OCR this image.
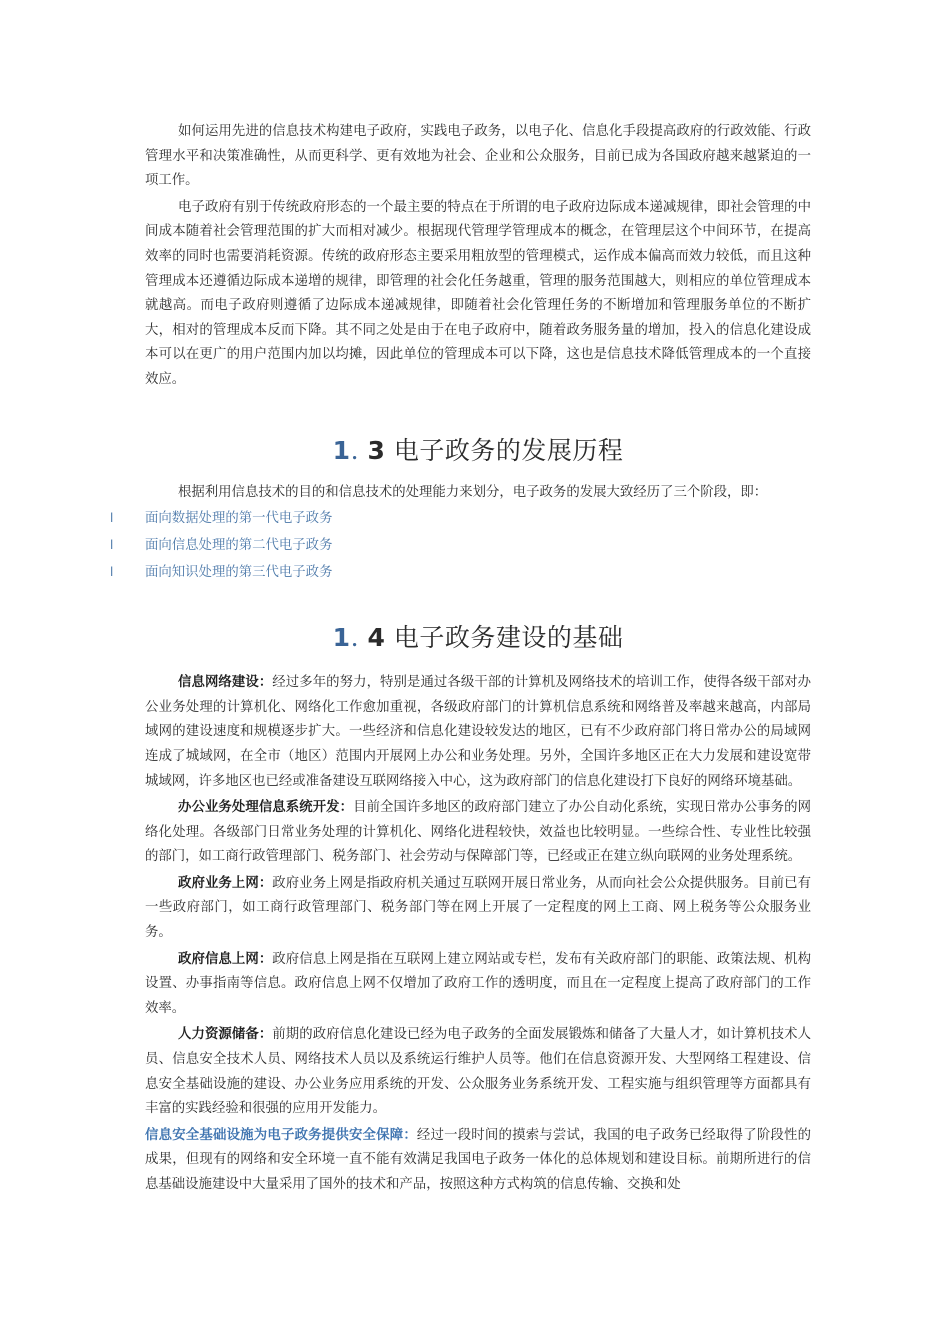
如何运用先进的信息技术构建电子政府，实践电子政务，以电子化、信息化手段提高政府的行政效能、行政管理水平和决策准确性，从而更科学、更有效地为社会、企业和公众服务，目前已成为各国政府越来越紧迫的一项工作。

电子政府有别于传统政府形态的一个最主要的特点在于所谓的电子政府边际成本递减规律，即社会管理的中间成本随着社会管理范围的扩大而相对减少。根据现代管理学管理成本的概念，在管理层这个中间环节，在提高效率的同时也需要消耗资源。传统的政府形态主要采用粗放型的管理模式，运作成本偏高而效力较低，而且这种管理成本还遵循边际成本递增的规律，即管理的社会化任务越重，管理的服务范围越大，则相应的单位管理成本就越高。而电子政府则遵循了边际成本递减规律，即随着社会化管理任务的不断增加和管理服务单位的不断扩大，相对的管理成本反而下降。其不同之处是由于在电子政府中，随着政务服务量的增加，投入的信息化建设成本可以在更广的用户范围内加以均摊，因此单位的管理成本可以下降，这也是信息技术降低管理成本的一个直接效应。

1. 3 电子政务的发展历程

根据利用信息技术的目的和信息技术的处理能力来划分，电子政务的发展大致经历了三个阶段，即：

l 面向数据处理的第一代电子政务
l 面向信息处理的第二代电子政务
l 面向知识处理的第三代电子政务
1. 4 电子政务建设的基础

信息网络建设：经过多年的努力，特别是通过各级干部的计算机及网络技术的培训工作，使得各级干部对办公业务处理的计算机化、网络化工作愈加重视，各级政府部门的计算机信息系统和网络普及率越来越高，内部局域网的建设速度和规模逐步扩大。一些经济和信息化建设较发达的地区，已有不少政府部门将日常办公的局域网连成了城域网，在全市（地区）范围内开展网上办公和业务处理。另外，全国许多地区正在大力发展和建设宽带城域网，许多地区也已经或准备建设互联网络接入中心，这为政府部门的信息化建设打下良好的网络环境基础。

办公业务处理信息系统开发：目前全国许多地区的政府部门建立了办公自动化系统，实现日常办公事务的网络化处理。各级部门日常业务处理的计算机化、网络化进程较快，效益也比较明显。一些综合性、专业性比较强的部门，如工商行政管理部门、税务部门、社会劳动与保障部门等，已经或正在建立纵向联网的业务处理系统。

政府业务上网：政府业务上网是指政府机关通过互联网开展日常业务，从而向社会公众提供服务。目前已有一些政府部门，如工商行政管理部门、税务部门等在网上开展了一定程度的网上工商、网上税务等公众服务业务。

政府信息上网：政府信息上网是指在互联网上建立网站或专栏，发布有关政府部门的职能、政策法规、机构设置、办事指南等信息。政府信息上网不仅增加了政府工作的透明度，而且在一定程度上提高了政府部门的工作效率。

人力资源储备：前期的政府信息化建设已经为电子政务的全面发展锻炼和储备了大量人才，如计算机技术人员、信息安全技术人员、网络技术人员以及系统运行维护人员等。他们在信息资源开发、大型网络工程建设、信息安全基础设施的建设、办公业务应用系统的开发、公众服务业务系统开发、工程实施与组织管理等方面都具有丰富的实践经验和很强的应用开发能力。

信息安全基础设施为电子政务提供安全保障：经过一段时间的摸索与尝试，我国的电子政务已经取得了阶段性的成果，但现有的网络和安全环境一直不能有效满足我国电子政务一体化的总体规划和建设目标。前期所进行的信息基础设施建设中大量采用了国外的技术和产品，按照这种方式构筑的信息传输、交换和处
